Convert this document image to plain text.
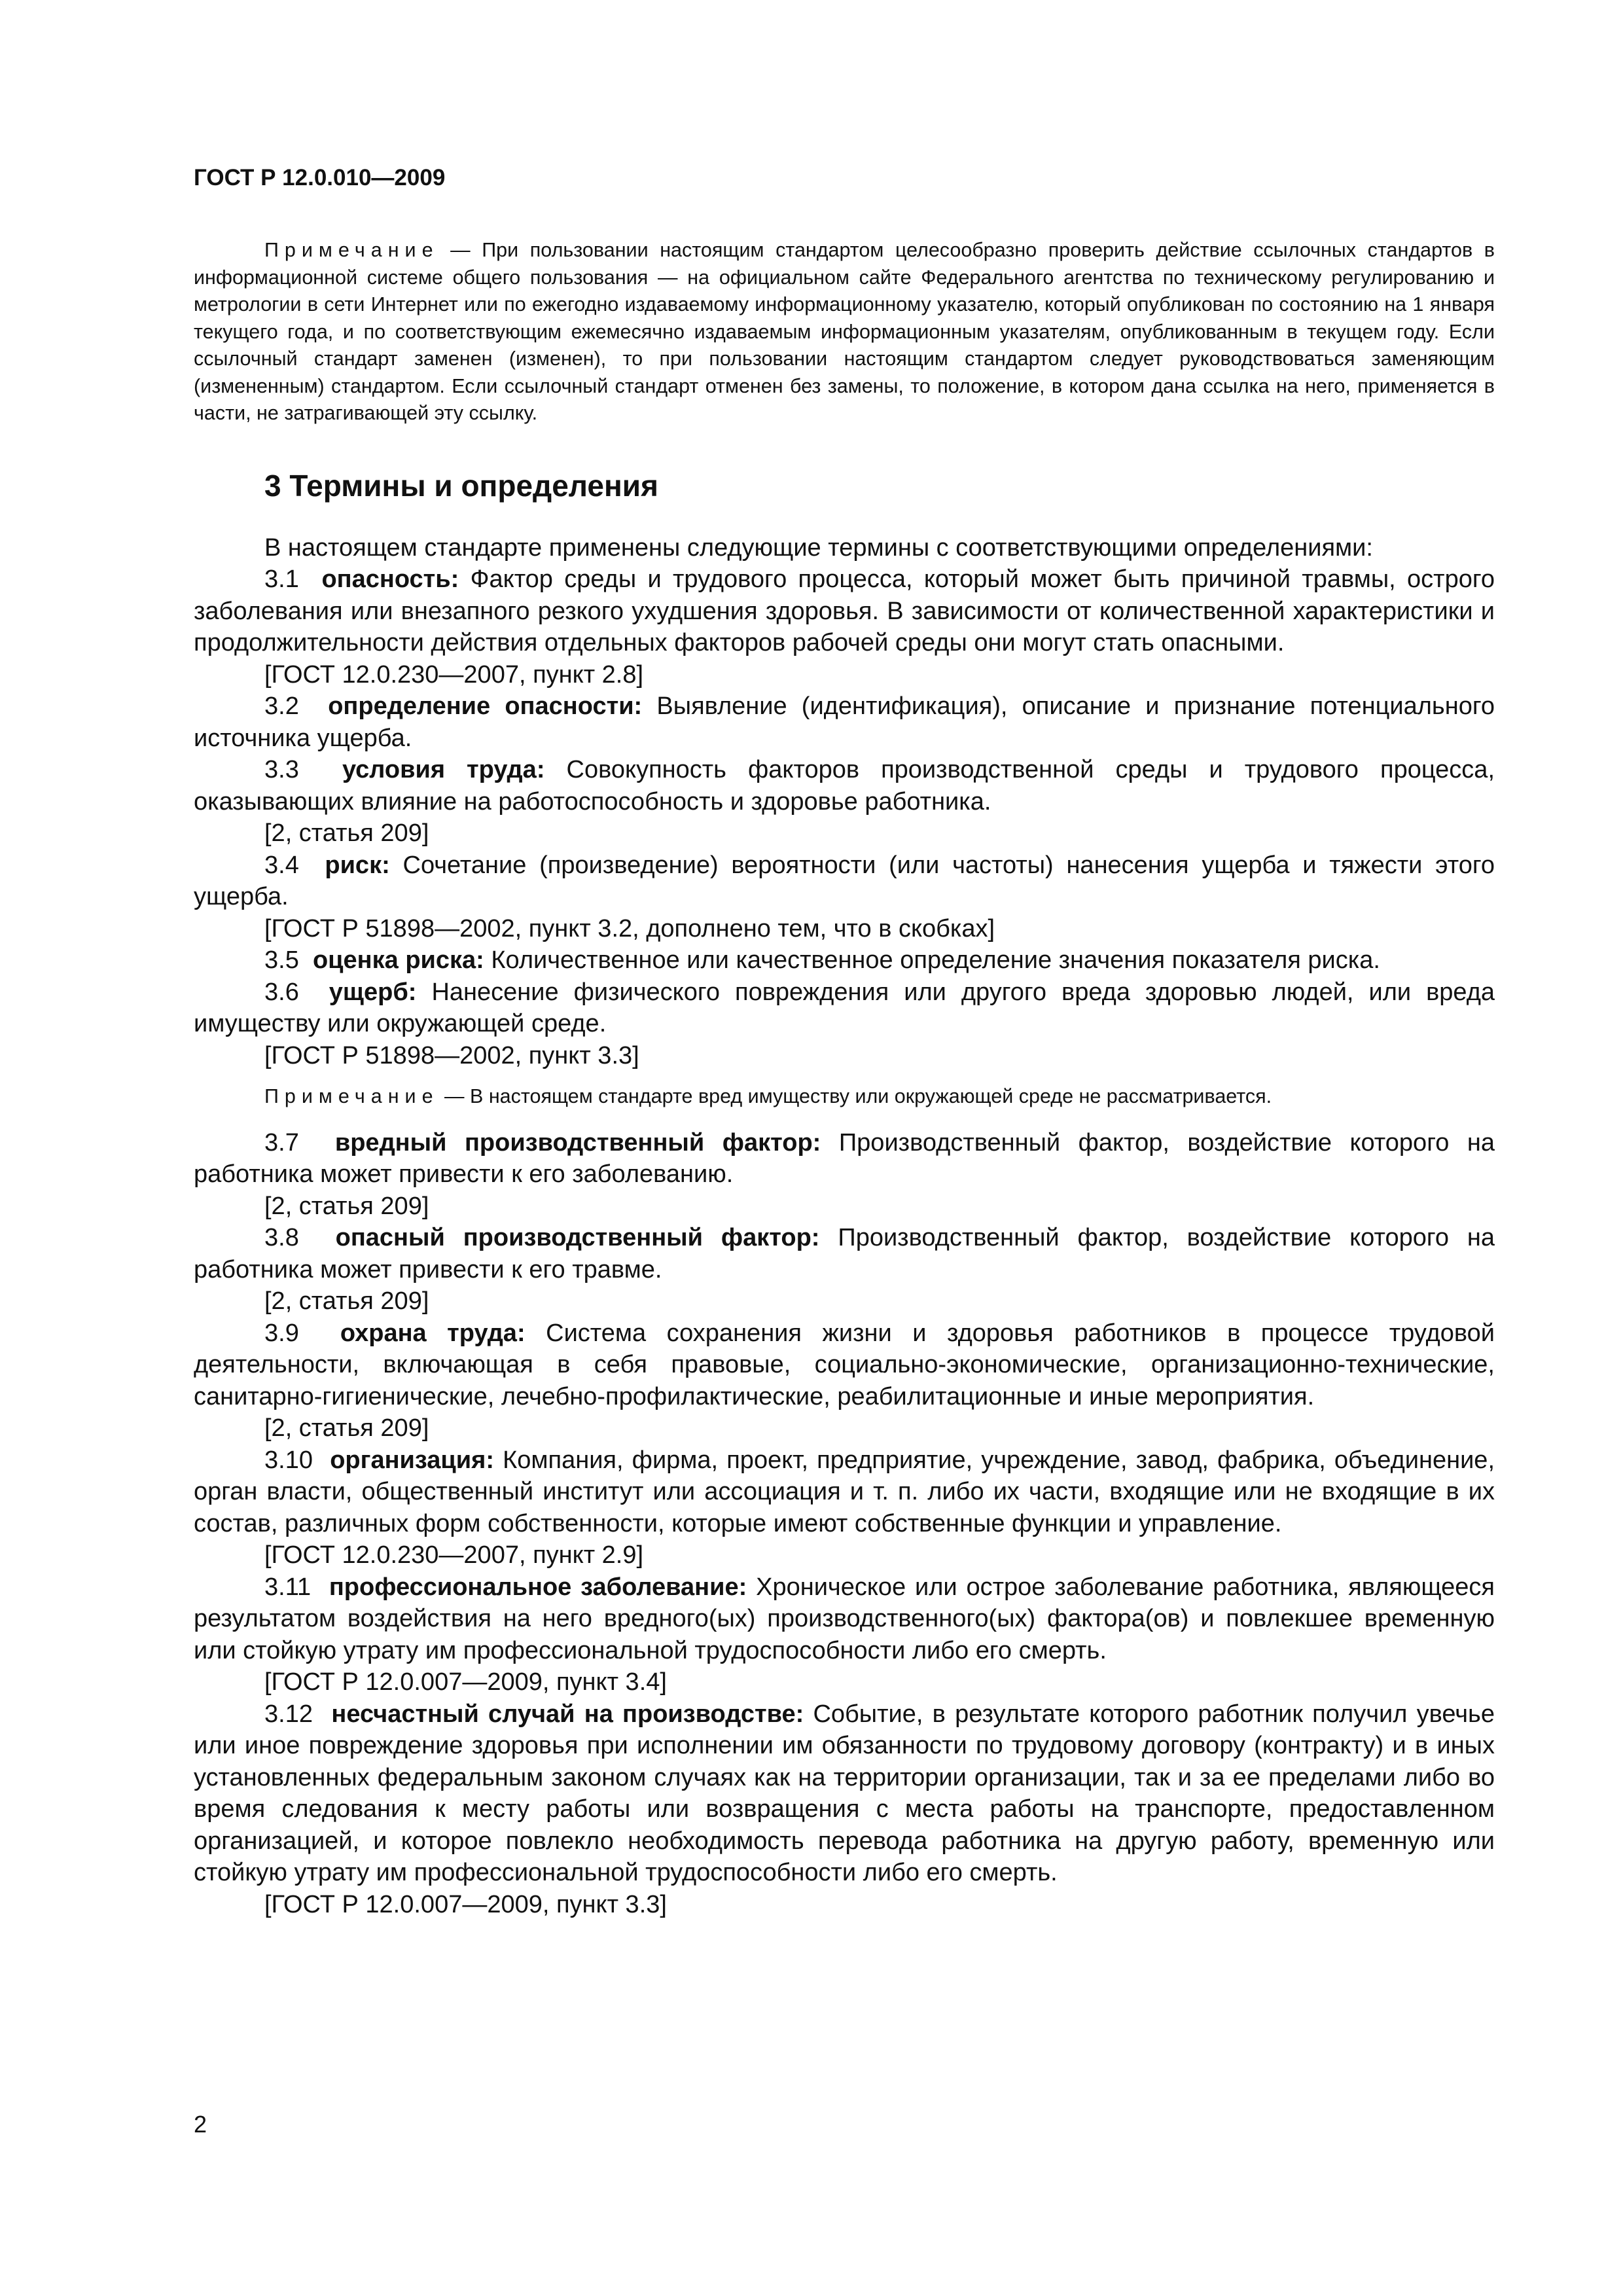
ГОСТ Р 12.0.010—2009

Примечание — При пользовании настоящим стандартом целесообразно проверить действие ссылочных стандартов в информационной системе общего пользования — на официальном сайте Федерального агентства по техническому регулированию и метрологии в сети Интернет или по ежегодно издаваемому информационному указателю, который опубликован по состоянию на 1 января текущего года, и по соответствующим ежемесячно издаваемым информационным указателям, опубликованным в текущем году. Если ссылочный стандарт заменен (изменен), то при пользовании настоящим стандартом следует руководствоваться заменяющим (измененным) стандартом. Если ссылочный стандарт отменен без замены, то положение, в котором дана ссылка на него, применяется в части, не затрагивающей эту ссылку.

3 Термины и определения

В настоящем стандарте применены следующие термины с соответствующими определениями:

3.1 опасность: Фактор среды и трудового процесса, который может быть причиной травмы, острого заболевания или внезапного резкого ухудшения здоровья. В зависимости от количественной характеристики и продолжительности действия отдельных факторов рабочей среды они могут стать опасными.

[ГОСТ 12.0.230—2007, пункт 2.8]

3.2 определение опасности: Выявление (идентификация), описание и признание потенциального источника ущерба.

3.3 условия труда: Совокупность факторов производственной среды и трудового процесса, оказывающих влияние на работоспособность и здоровье работника.

[2, статья 209]

3.4 риск: Сочетание (произведение) вероятности (или частоты) нанесения ущерба и тяжести этого ущерба.

[ГОСТ Р 51898—2002, пункт 3.2, дополнено тем, что в скобках]

3.5 оценка риска: Количественное или качественное определение значения показателя риска.

3.6 ущерб: Нанесение физического повреждения или другого вреда здоровью людей, или вреда имуществу или окружающей среде.

[ГОСТ Р 51898—2002, пункт 3.3]

Примечание — В настоящем стандарте вред имуществу или окружающей среде не рассматривается.

3.7 вредный производственный фактор: Производственный фактор, воздействие которого на работника может привести к его заболеванию.

[2, статья 209]

3.8 опасный производственный фактор: Производственный фактор, воздействие которого на работника может привести к его травме.

[2, статья 209]

3.9 охрана труда: Система сохранения жизни и здоровья работников в процессе трудовой деятельности, включающая в себя правовые, социально-экономические, организационно-технические, санитарно-гигиенические, лечебно-профилактические, реабилитационные и иные мероприятия.

[2, статья 209]

3.10 организация: Компания, фирма, проект, предприятие, учреждение, завод, фабрика, объединение, орган власти, общественный институт или ассоциация и т. п. либо их части, входящие или не входящие в их состав, различных форм собственности, которые имеют собственные функции и управление.

[ГОСТ 12.0.230—2007, пункт 2.9]

3.11 профессиональное заболевание: Хроническое или острое заболевание работника, являющееся результатом воздействия на него вредного(ых) производственного(ых) фактора(ов) и повлекшее временную или стойкую утрату им профессиональной трудоспособности либо его смерть.

[ГОСТ Р 12.0.007—2009, пункт 3.4]

3.12 несчастный случай на производстве: Событие, в результате которого работник получил увечье или иное повреждение здоровья при исполнении им обязанности по трудовому договору (контракту) и в иных установленных федеральным законом случаях как на территории организации, так и за ее пределами либо во время следования к месту работы или возвращения с места работы на транспорте, предоставленном организацией, и которое повлекло необходимость перевода работника на другую работу, временную или стойкую утрату им профессиональной трудоспособности либо его смерть.

[ГОСТ Р 12.0.007—2009, пункт 3.3]

2
